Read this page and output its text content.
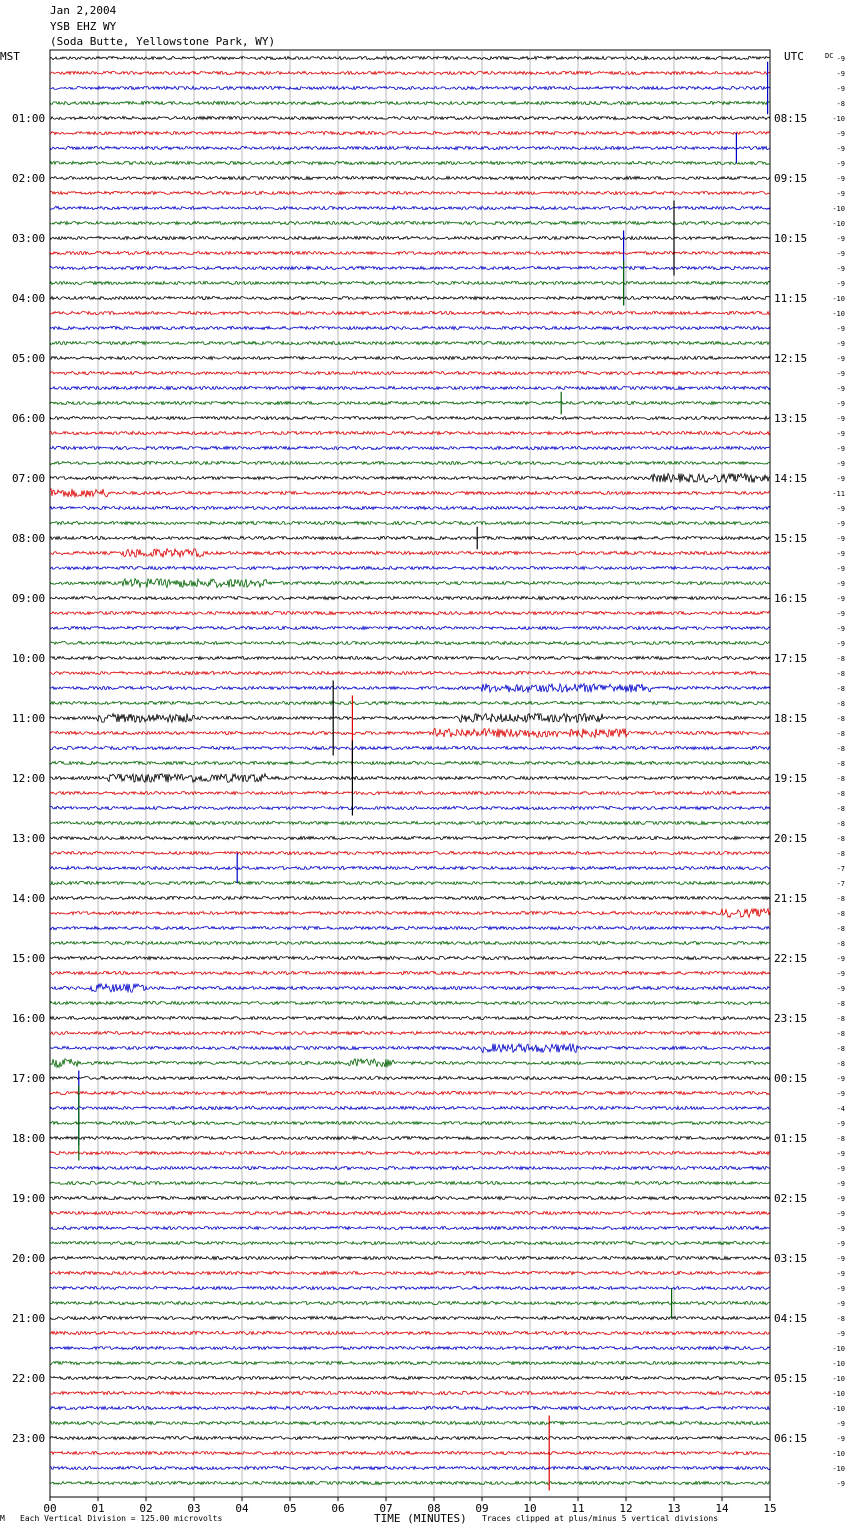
Jan 2,2004
YSB EHZ WY
(Soda Butte, Yellowstone Park, WY)
MST	UTC	DC
01:00
02:00
03:00
04:00
05:00
06:00
07:00
08:00
09:00
10:00
11:00
12:00
13:00
14:00
15:00
16:00
17:00
18:00
19:00
20:00
21:00
22:00
23:00
08:15
09:15
10:15
11:15
12:15
13:15
14:15
15:15
16:15
17:15
18:15
19:15
20:15
21:15
22:15
23:15
00:15
01:15
02:15
03:15
04:15
05:15
06:15
-9
-9
-9
-8
-10
-9
-9
-9
-9
-9
-10
-10
-9
-9
-9
-9
-10
-10
-9
-9
-9
-9
-9
-9
-9
-9
-9
-9
-9
-11
-9
-9
-9
-9
-9
-9
-9
-9
-9
-9
-8
-8
-8
-8
-8
-8
-8
-8
-8
-8
-8
-8
-8
-8
-7
-7
-8
-8
-8
-8
-9
-9
-9
-8
-8
-8
-8
-8
-9
-9
-4
-9
-8
-9
-9
-9
-9
-9
-9
-9
-9
-9
-9
-9
-8
-9
-10
-10
-10
-10
-10
-9
-9
-10
-10
-9
00	01	02	03	04	05	06	07	08	09	10	11	12	13	14	15
M Each Vertical Division = 125.00 microvolts	TIME (MINUTES) Traces clipped at plus/minus 5 vertical divisions
